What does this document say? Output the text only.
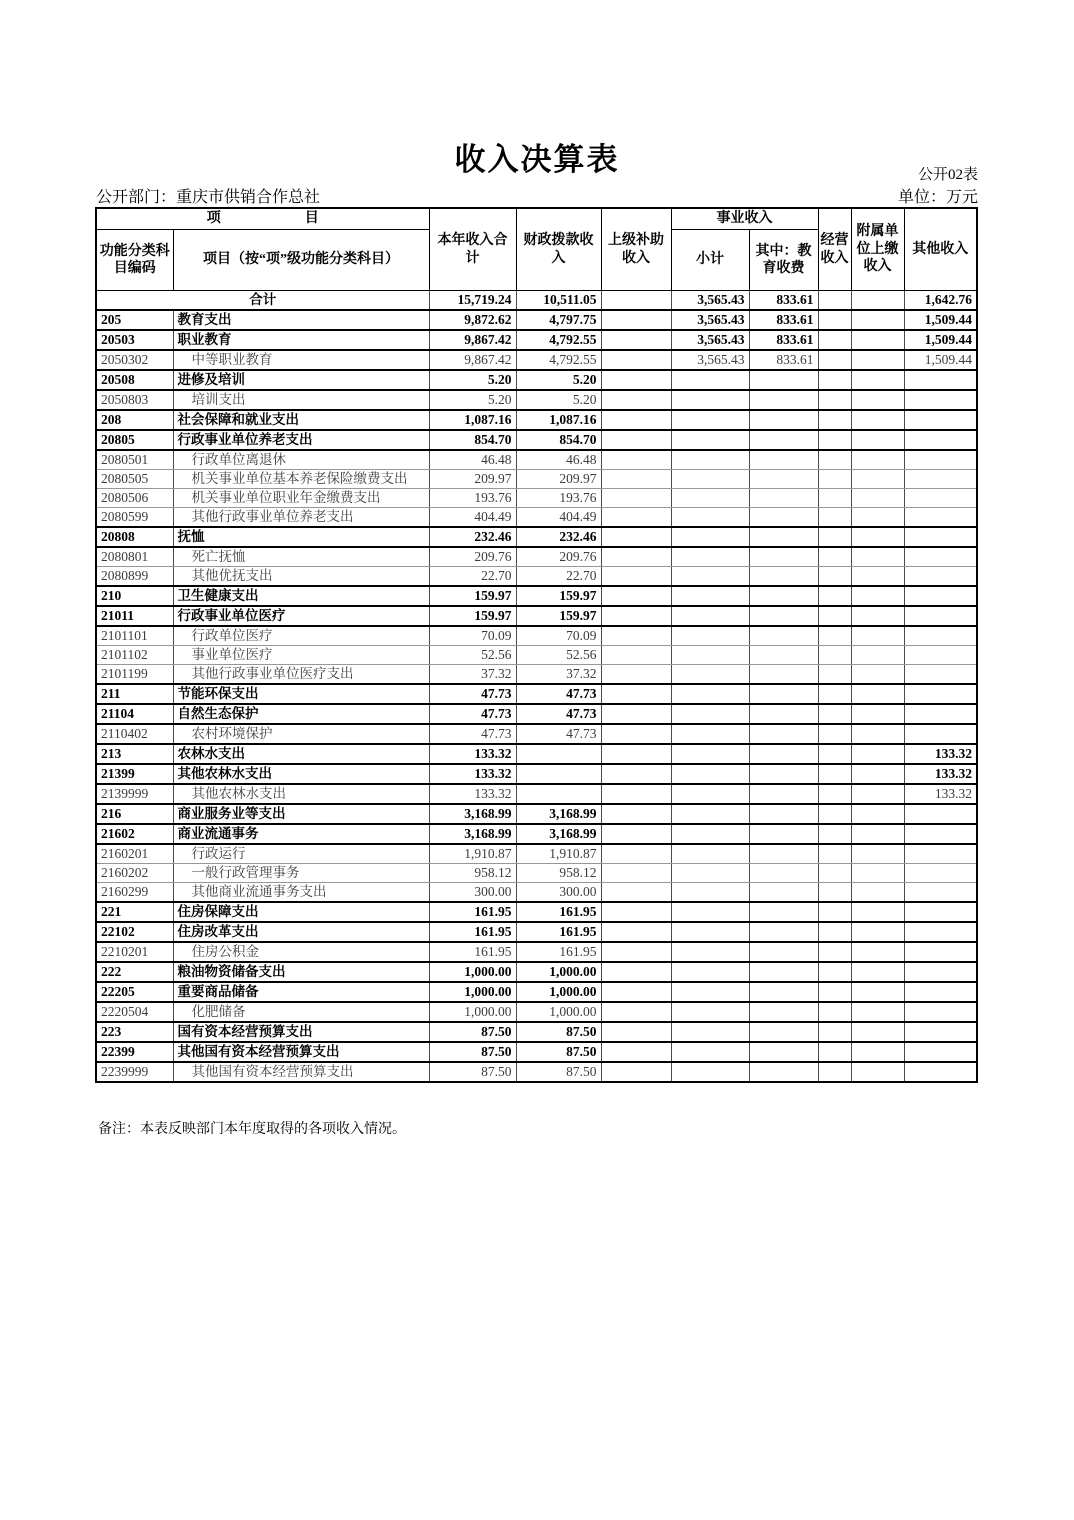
收入决算表	公开02表
公开部门：重庆市供销合作总社	单位：万元
项　　　　　　目		本年收入合计	财政拨款收入	上级补助收入	事业收入		经营收入	附属单位上缴收入	其他收入
功能分类科目编码	项目（按“项”级功能分类科目）								
					小计	其中：教育收费			
合计		15,719.24	10,511.05		3,565.43	833.61			1,642.76
205	教育支出	9,872.62	4,797.75		3,565.43	833.61			1,509.44
20503	职业教育	9,867.42	4,792.55		3,565.43	833.61			1,509.44
2050302	中等职业教育	9,867.42	4,792.55		3,565.43	833.61			1,509.44
20508	进修及培训	5.20	5.20						
2050803	培训支出	5.20	5.20						
208	社会保障和就业支出	1,087.16	1,087.16						
20805	行政事业单位养老支出	854.70	854.70						
2080501	行政单位离退休	46.48	46.48						
2080505	机关事业单位基本养老保险缴费支出	209.97	209.97						
2080506	机关事业单位职业年金缴费支出	193.76	193.76						
2080599	其他行政事业单位养老支出	404.49	404.49						
20808	抚恤	232.46	232.46						
2080801	死亡抚恤	209.76	209.76						
2080899	其他优抚支出	22.70	22.70						
210	卫生健康支出	159.97	159.97						
21011	行政事业单位医疗	159.97	159.97						
2101101	行政单位医疗	70.09	70.09						
2101102	事业单位医疗	52.56	52.56						
2101199	其他行政事业单位医疗支出	37.32	37.32						
211	节能环保支出	47.73	47.73						
21104	自然生态保护	47.73	47.73						
2110402	农村环境保护	47.73	47.73						
213	农林水支出	133.32							133.32
21399	其他农林水支出	133.32							133.32
2139999	其他农林水支出	133.32							133.32
216	商业服务业等支出	3,168.99	3,168.99						
21602	商业流通事务	3,168.99	3,168.99						
2160201	行政运行	1,910.87	1,910.87						
2160202	一般行政管理事务	958.12	958.12						
2160299	其他商业流通事务支出	300.00	300.00						
221	住房保障支出	161.95	161.95						
22102	住房改革支出	161.95	161.95						
2210201	住房公积金	161.95	161.95						
222	粮油物资储备支出	1,000.00	1,000.00						
22205	重要商品储备	1,000.00	1,000.00						
2220504	化肥储备	1,000.00	1,000.00						
223	国有资本经营预算支出	87.50	87.50						
22399	其他国有资本经营预算支出	87.50	87.50						
2239999	其他国有资本经营预算支出	87.50	87.50						
备注：本表反映部门本年度取得的各项收入情况。
